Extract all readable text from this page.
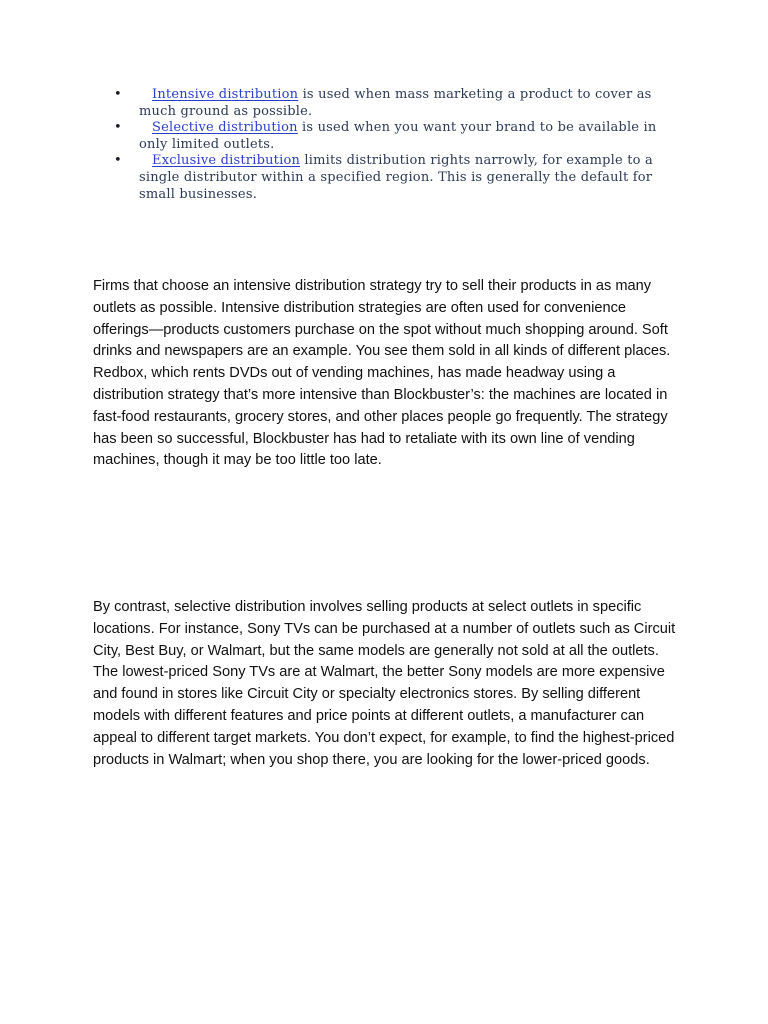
• Intensive distribution is used when mass marketing a product to cover as much ground as possible.
• Selective distribution is used when you want your brand to be available in only limited outlets.
• Exclusive distribution limits distribution rights narrowly, for example to a single distributor within a specified region. This is generally the default for small businesses.

Firms that choose an intensive distribution strategy try to sell their products in as many outlets as possible. Intensive distribution strategies are often used for convenience offerings—products customers purchase on the spot without much shopping around. Soft drinks and newspapers are an example. You see them sold in all kinds of different places. Redbox, which rents DVDs out of vending machines, has made headway using a distribution strategy that’s more intensive than Blockbuster’s: the machines are located in fast-food restaurants, grocery stores, and other places people go frequently. The strategy has been so successful, Blockbuster has had to retaliate with its own line of vending machines, though it may be too little too late.

By contrast, selective distribution involves selling products at select outlets in specific locations. For instance, Sony TVs can be purchased at a number of outlets such as Circuit City, Best Buy, or Walmart, but the same models are generally not sold at all the outlets. The lowest-priced Sony TVs are at Walmart, the better Sony models are more expensive and found in stores like Circuit City or specialty electronics stores. By selling different models with different features and price points at different outlets, a manufacturer can appeal to different target markets. You don’t expect, for example, to find the highest-priced products in Walmart; when you shop there, you are looking for the lower-priced goods.
